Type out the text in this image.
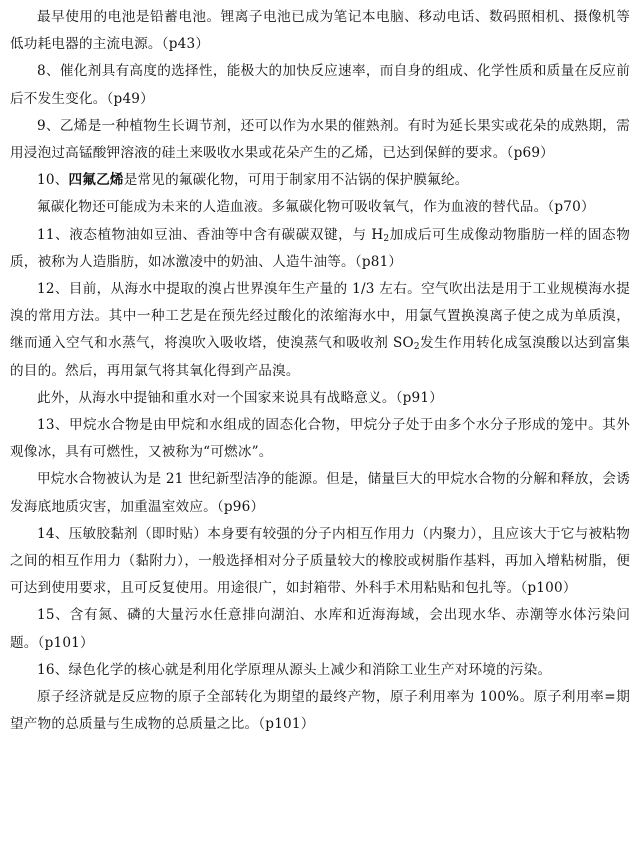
最早使用的电池是铅蓄电池。锂离子电池已成为笔记本电脑、移动电话、数码照相机、摄像机等低功耗电器的主流电源。（p43）

8、催化剂具有高度的选择性，能极大的加快反应速率，而自身的组成、化学性质和质量在反应前后不发生变化。（p49）

9、乙烯是一种植物生长调节剂，还可以作为水果的催熟剂。有时为延长果实或花朵的成熟期，需用浸泡过高锰酸钾溶液的硅土来吸收水果或花朵产生的乙烯，已达到保鲜的要求。（p69）

10、四氟乙烯是常见的氟碳化物，可用于制家用不沾锅的保护膜氟纶。

氟碳化物还可能成为未来的人造血液。多氟碳化物可吸收氧气，作为血液的替代品。（p70）

11、液态植物油如豆油、香油等中含有碳碳双键，与 $H_2$加成后可生成像动物脂肪一样的固态物质，被称为人造脂肪，如冰激凌中的奶油、人造牛油等。（p81）

12、目前，从海水中提取的溴占世界溴年生产量的 1/3 左右。空气吹出法是用于工业规模海水提溴的常用方法。其中一种工艺是在预先经过酸化的浓缩海水中，用氯气置换溴离子使之成为单质溴，继而通入空气和水蒸气，将溴吹入吸收塔，使溴蒸气和吸收剂 $SO_2$发生作用转化成氢溴酸以达到富集的目的。然后，再用氯气将其氧化得到产品溴。

此外，从海水中提铀和重水对一个国家来说具有战略意义。（p91）

13、甲烷水合物是由甲烷和水组成的固态化合物，甲烷分子处于由多个水分子形成的笼中。其外观像冰，具有可燃性，又被称为“可燃冰”。

甲烷水合物被认为是 21 世纪新型洁净的能源。但是，储量巨大的甲烷水合物的分解和释放，会诱发海底地质灾害，加重温室效应。（p96）

14、压敏胶黏剂（即时贴）本身要有较强的分子内相互作用力（内聚力），且应该大于它与被粘物之间的相互作用力（黏附力），一般选择相对分子质量较大的橡胶或树脂作基料，再加入增粘树脂，便可达到使用要求，且可反复使用。用途很广，如封箱带、外科手术用粘贴和包扎等。（p100）

15、含有氮、磷的大量污水任意排向湖泊、水库和近海海域，会出现水华、赤潮等水体污染问题。（p101）

16、绿色化学的核心就是利用化学原理从源头上减少和消除工业生产对环境的污染。

原子经济就是反应物的原子全部转化为期望的最终产物，原子利用率为 100%。原子利用率=期望产物的总质量与生成物的总质量之比。（p101）
